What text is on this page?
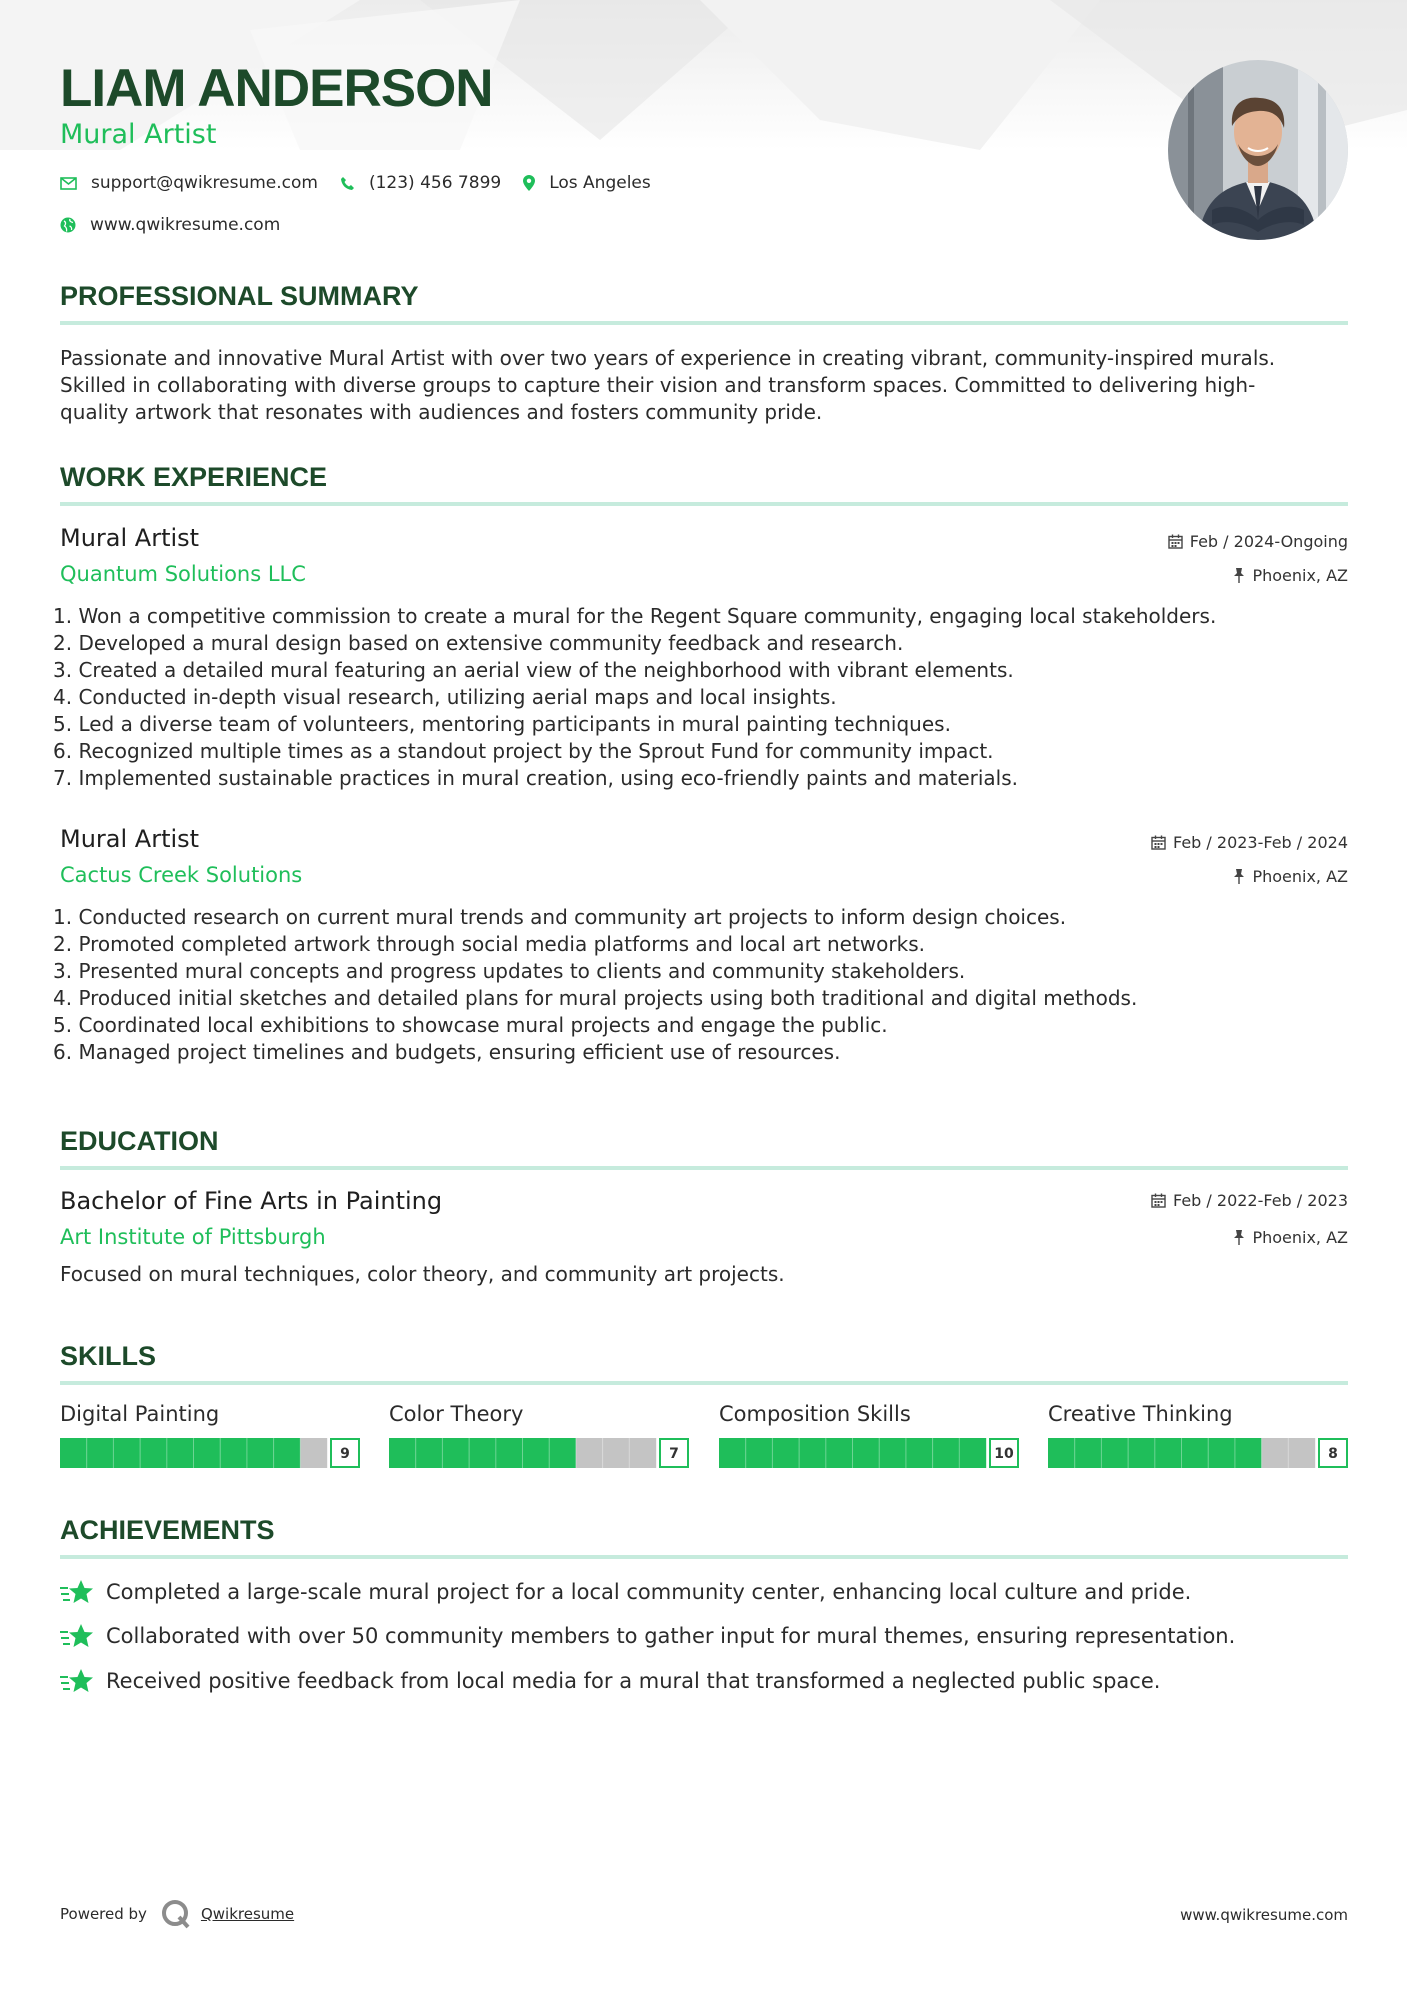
LIAM ANDERSON
Mural Artist
support@qwikresume.com	(123) 456 7899	Los Angeles
www.qwikresume.com
PROFESSIONAL SUMMARY
Passionate and innovative Mural Artist with over two years of experience in creating vibrant, community-inspired murals.
Skilled in collaborating with diverse groups to capture their vision and transform spaces. Committed to delivering high-
quality artwork that resonates with audiences and fosters community pride.
WORK EXPERIENCE
Mural Artist	Feb / 2024-Ongoing
Quantum Solutions LLC	Phoenix, AZ
1. Won a competitive commission to create a mural for the Regent Square community, engaging local stakeholders.
2. Developed a mural design based on extensive community feedback and research.
3. Created a detailed mural featuring an aerial view of the neighborhood with vibrant elements.
4. Conducted in-depth visual research, utilizing aerial maps and local insights.
5. Led a diverse team of volunteers, mentoring participants in mural painting techniques.
6. Recognized multiple times as a standout project by the Sprout Fund for community impact.
7. Implemented sustainable practices in mural creation, using eco-friendly paints and materials.
Mural Artist	Feb / 2023-Feb / 2024
Cactus Creek Solutions	Phoenix, AZ
1. Conducted research on current mural trends and community art projects to inform design choices.
2. Promoted completed artwork through social media platforms and local art networks.
3. Presented mural concepts and progress updates to clients and community stakeholders.
4. Produced initial sketches and detailed plans for mural projects using both traditional and digital methods.
5. Coordinated local exhibitions to showcase mural projects and engage the public.
6. Managed project timelines and budgets, ensuring efficient use of resources.
EDUCATION
Bachelor of Fine Arts in Painting	Feb / 2022-Feb / 2023
Art Institute of Pittsburgh	Phoenix, AZ
Focused on mural techniques, color theory, and community art projects.
SKILLS
Digital Painting
9
Color Theory
7
Composition Skills
10
Creative Thinking
8
ACHIEVEMENTS
Completed a large-scale mural project for a local community center, enhancing local culture and pride.
Collaborated with over 50 community members to gather input for mural themes, ensuring representation.
Received positive feedback from local media for a mural that transformed a neglected public space.
Powered by	Qwikresume	www.qwikresume.com
